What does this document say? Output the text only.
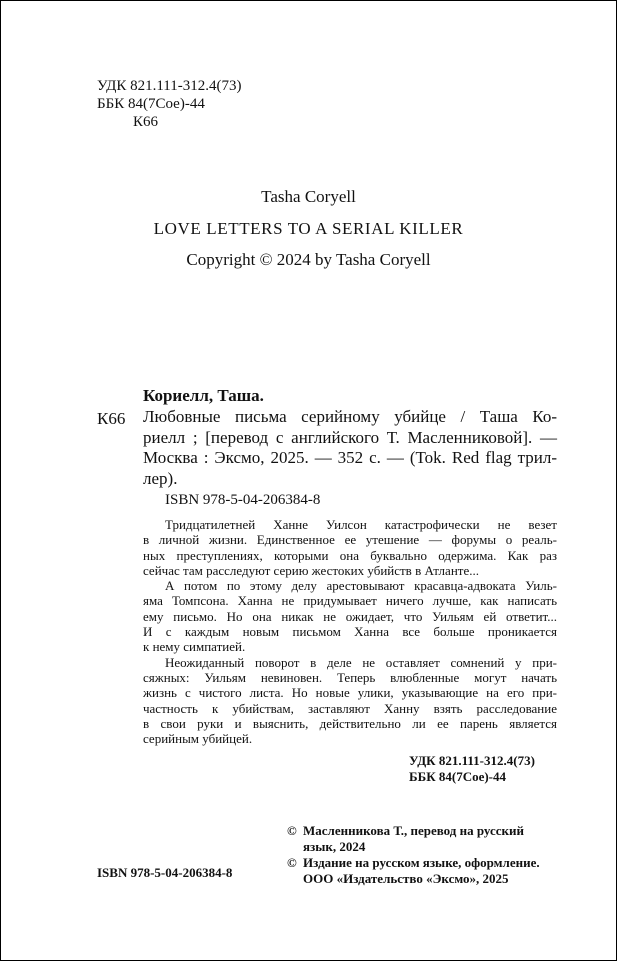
УДК 821.111-312.4(73)
ББК 84(7Сое)-44
К66
Tasha Coryell
LOVE LETTERS TO A SERIAL KILLER
Copyright © 2024 by Tasha Coryell
Кориелл, Таша.
К66 Любовные письма серийному убийце / Таша Ко-
риелл ; [перевод с английского Т. Масленниковой]. —
Москва : Эксмо, 2025. — 352 с. — (Tok. Red flag трил-
лер).
ISBN 978-5-04-206384-8

Тридцатилетней Ханне Уилсон катастрофически не везет
в личной жизни. Единственное ее утешение — форумы о реаль-
ных преступлениях, которыми она буквально одержима. Как раз
сейчас там расследуют серию жестоких убийств в Атланте...

А потом по этому делу арестовывают красавца-адвоката Уиль-
яма Томпсона. Ханна не придумывает ничего лучше, как написать
ему письмо. Но она никак не ожидает, что Уильям ей ответит...
И с каждым новым письмом Ханна все больше проникается
к нему симпатией.

Неожиданный поворот в деле не оставляет сомнений у при-
сяжных: Уильям невиновен. Теперь влюбленные могут начать
жизнь с чистого листа. Но новые улики, указывающие на его при-
частность к убийствам, заставляют Ханну взять расследование
в свои руки и выяснить, действительно ли ее парень является
серийным убийцей.

УДК 821.111-312.4(73)
ББК 84(7Сое)-44
© Масленникова Т., перевод на русский
язык, 2024
© Издание на русском языке, оформление.
ООО «Издательство «Эксмо», 2025
ISBN 978-5-04-206384-8
